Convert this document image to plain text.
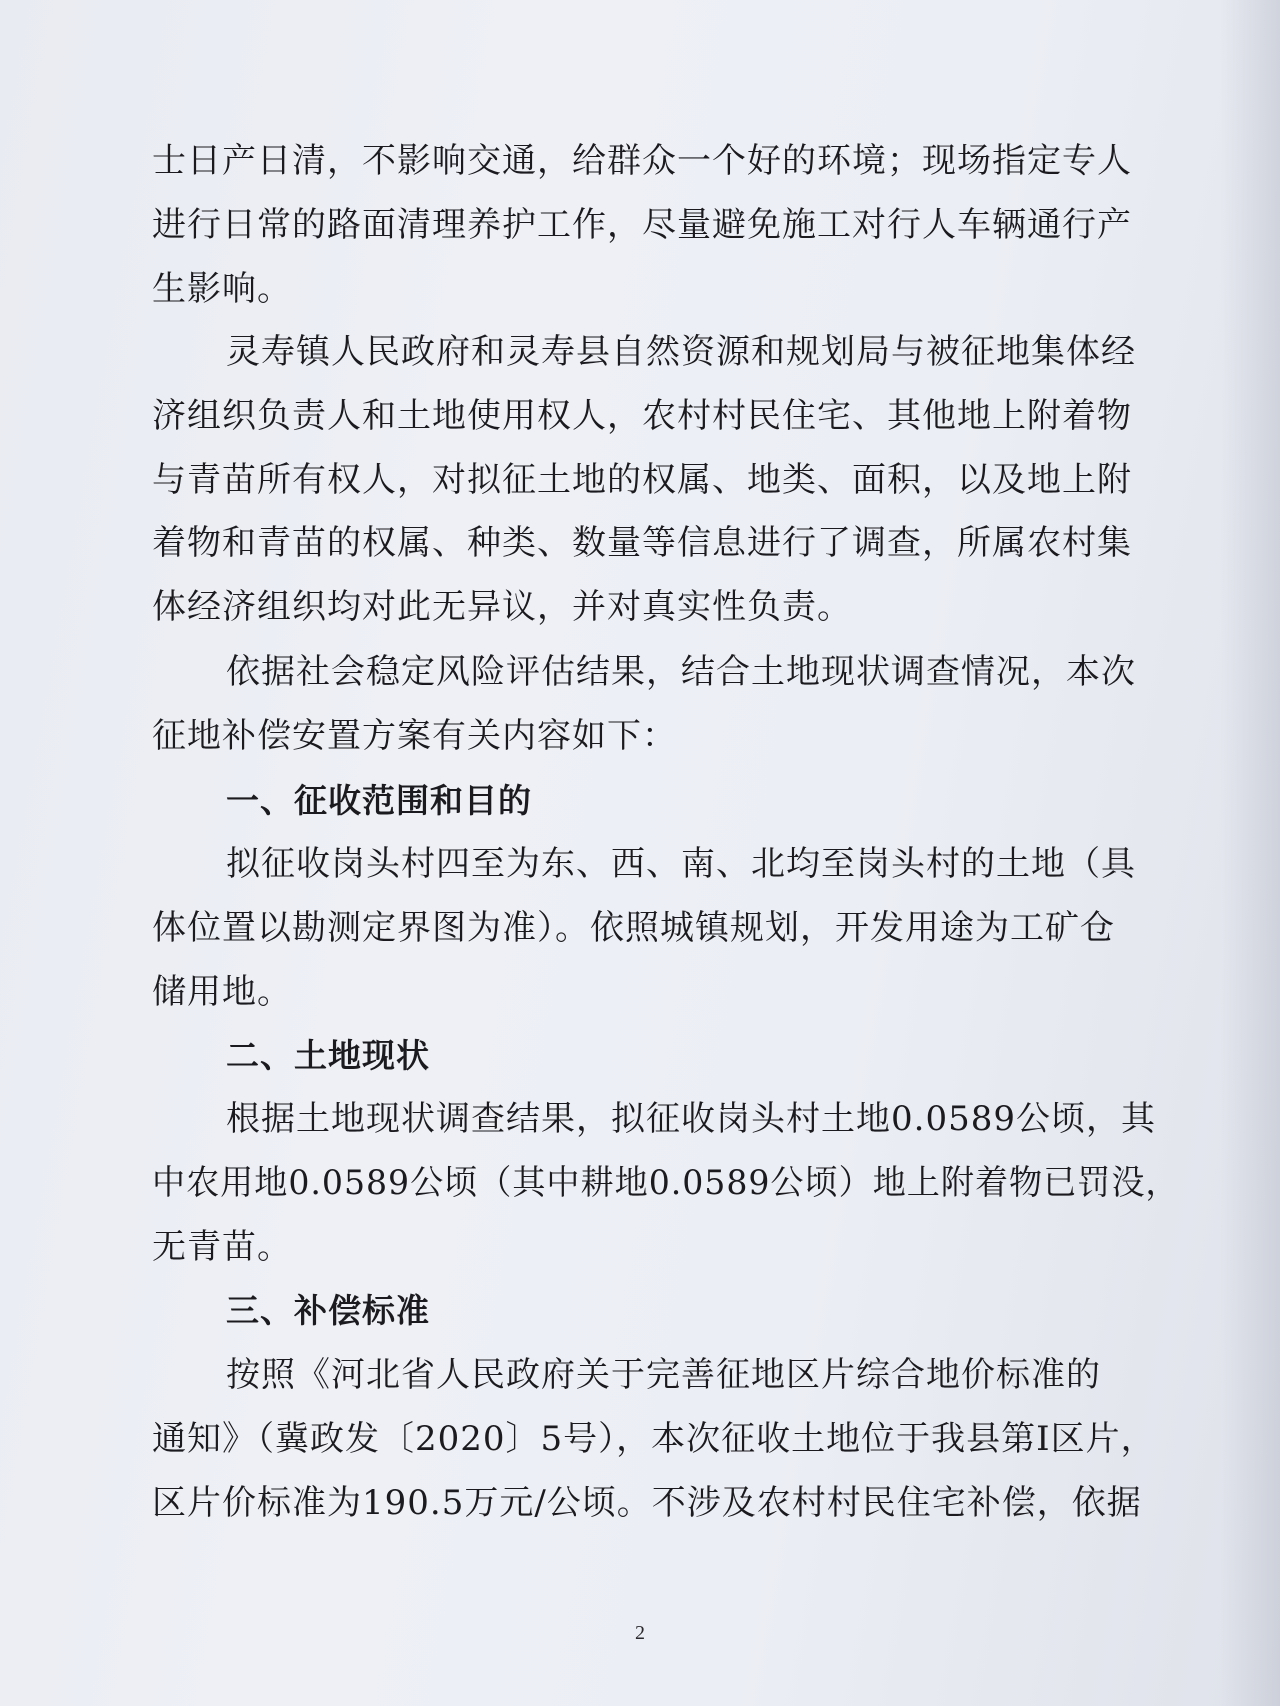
士日产日清，不影响交通，给群众一个好的环境；现场指定专人
进行日常的路面清理养护工作，尽量避免施工对行人车辆通行产
生影响。
灵寿镇人民政府和灵寿县自然资源和规划局与被征地集体经
济组织负责人和土地使用权人，农村村民住宅、其他地上附着物
与青苗所有权人，对拟征土地的权属、地类、面积，以及地上附
着物和青苗的权属、种类、数量等信息进行了调查，所属农村集
体经济组织均对此无异议，并对真实性负责。
依据社会稳定风险评估结果，结合土地现状调查情况，本次
征地补偿安置方案有关内容如下：
一、征收范围和目的
拟征收岗头村四至为东、西、南、北均至岗头村的土地（具
体位置以勘测定界图为准）。依照城镇规划，开发用途为工矿仓
储用地。
二、土地现状
根据土地现状调查结果，拟征收岗头村土地0.0589公顷，其
中农用地0.0589公顷（其中耕地0.0589公顷）地上附着物已罚没，
无青苗。
三、补偿标准
按照《河北省人民政府关于完善征地区片综合地价标准的
通知》（冀政发〔2020〕5号），本次征收土地位于我县第Ⅰ区片，
区片价标准为190.5万元/公顷。不涉及农村村民住宅补偿，依据
2
